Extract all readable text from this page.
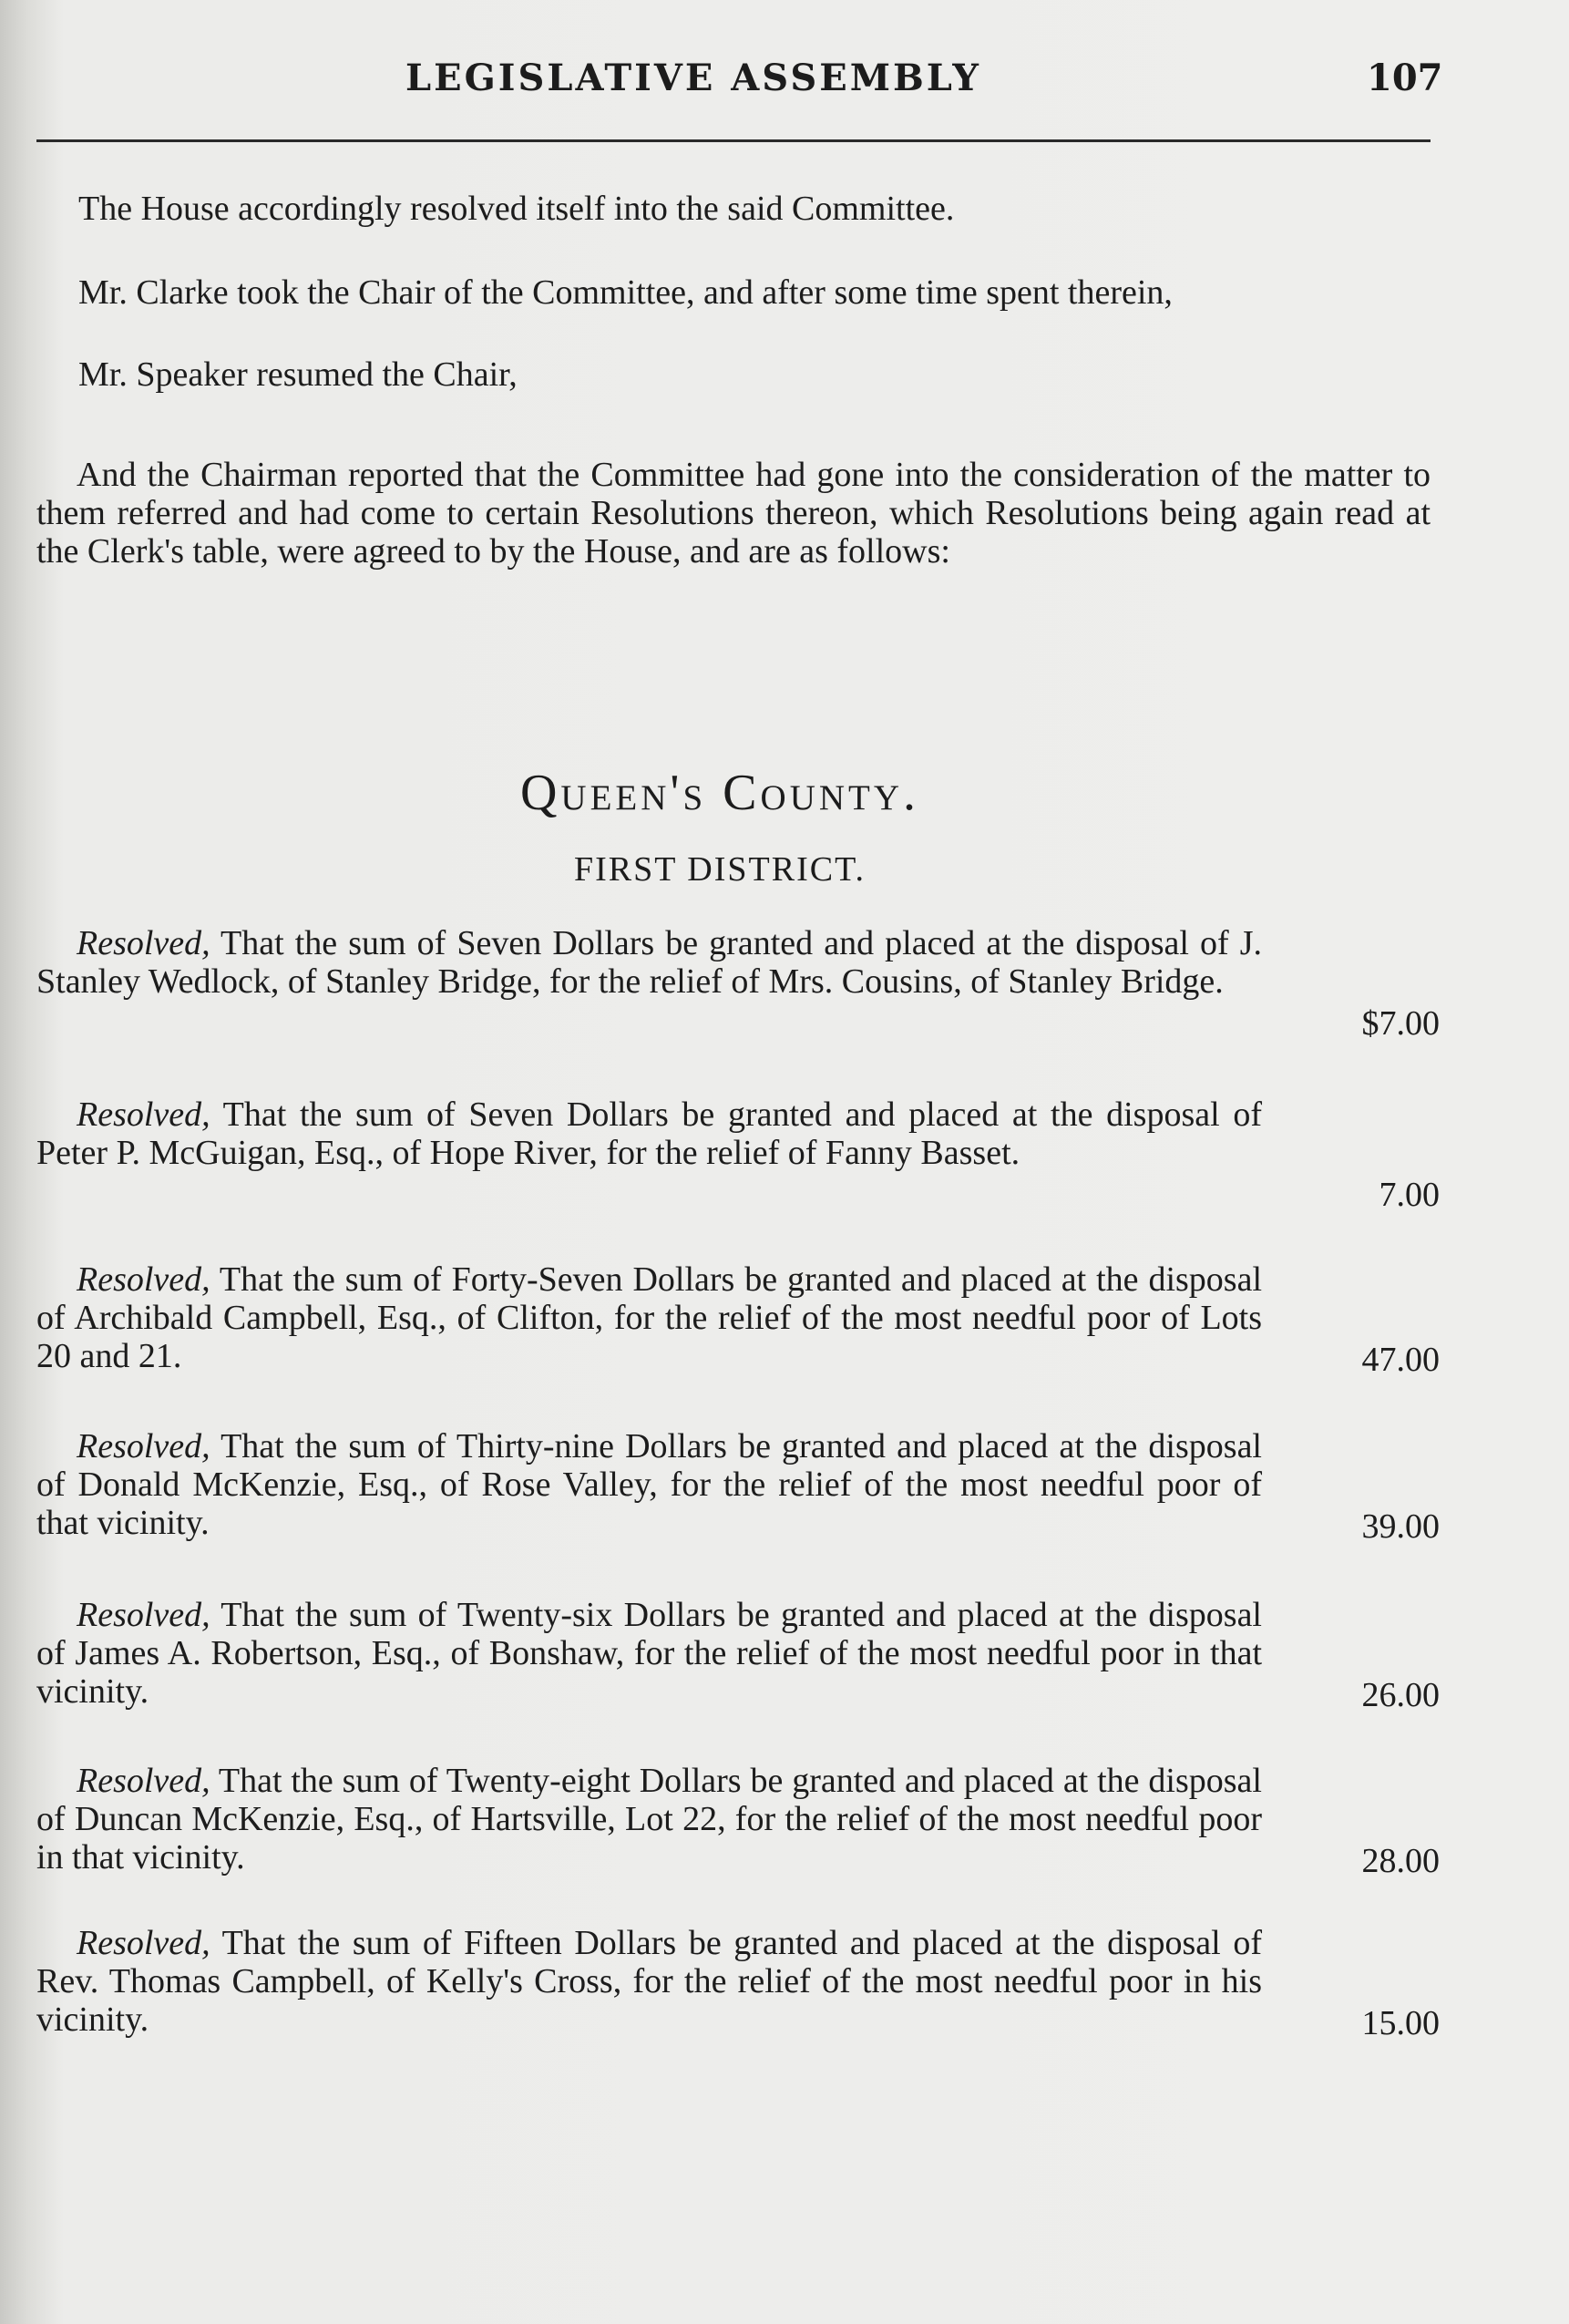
LEGISLATIVE ASSEMBLY	107

The House accordingly resolved itself into the said Committee.

Mr. Clarke took the Chair of the Committee, and after some time spent therein,

Mr. Speaker resumed the Chair,

And the Chairman reported that the Committee had gone into the consideration of the matter to them referred and had come to certain Resolutions thereon, which Resolutions being again read at the Clerk's table, were agreed to by the House, and are as follows:

Queen's County.
FIRST DISTRICT.

Resolved, That the sum of Seven Dollars be granted and placed at the disposal of J. Stanley Wedlock, of Stanley Bridge, for the relief of Mrs. Cousins, of Stanley Bridge.

$7.00

Resolved, That the sum of Seven Dollars be granted and placed at the disposal of Peter P. McGuigan, Esq., of Hope River, for the relief of Fanny Basset.

7.00

Resolved, That the sum of Forty-Seven Dollars be granted and placed at the disposal of Archibald Campbell, Esq., of Clifton, for the relief of the most needful poor of Lots 20 and 21.	47.00

Resolved, That the sum of Thirty-nine Dollars be granted and placed at the disposal of Donald McKenzie, Esq., of Rose Valley, for the relief of the most needful poor of that vicinity.	39.00

Resolved, That the sum of Twenty-six Dollars be granted and placed at the disposal of James A. Robertson, Esq., of Bonshaw, for the relief of the most needful poor in that vicinity.	26.00

Resolved, That the sum of Twenty-eight Dollars be granted and placed at the disposal of Duncan McKenzie, Esq., of Hartsville, Lot 22, for the relief of the most needful poor in that vicinity.	28.00

Resolved, That the sum of Fifteen Dollars be granted and placed at the disposal of Rev. Thomas Campbell, of Kelly's Cross, for the relief of the most needful poor in his vicinity.	15.00
